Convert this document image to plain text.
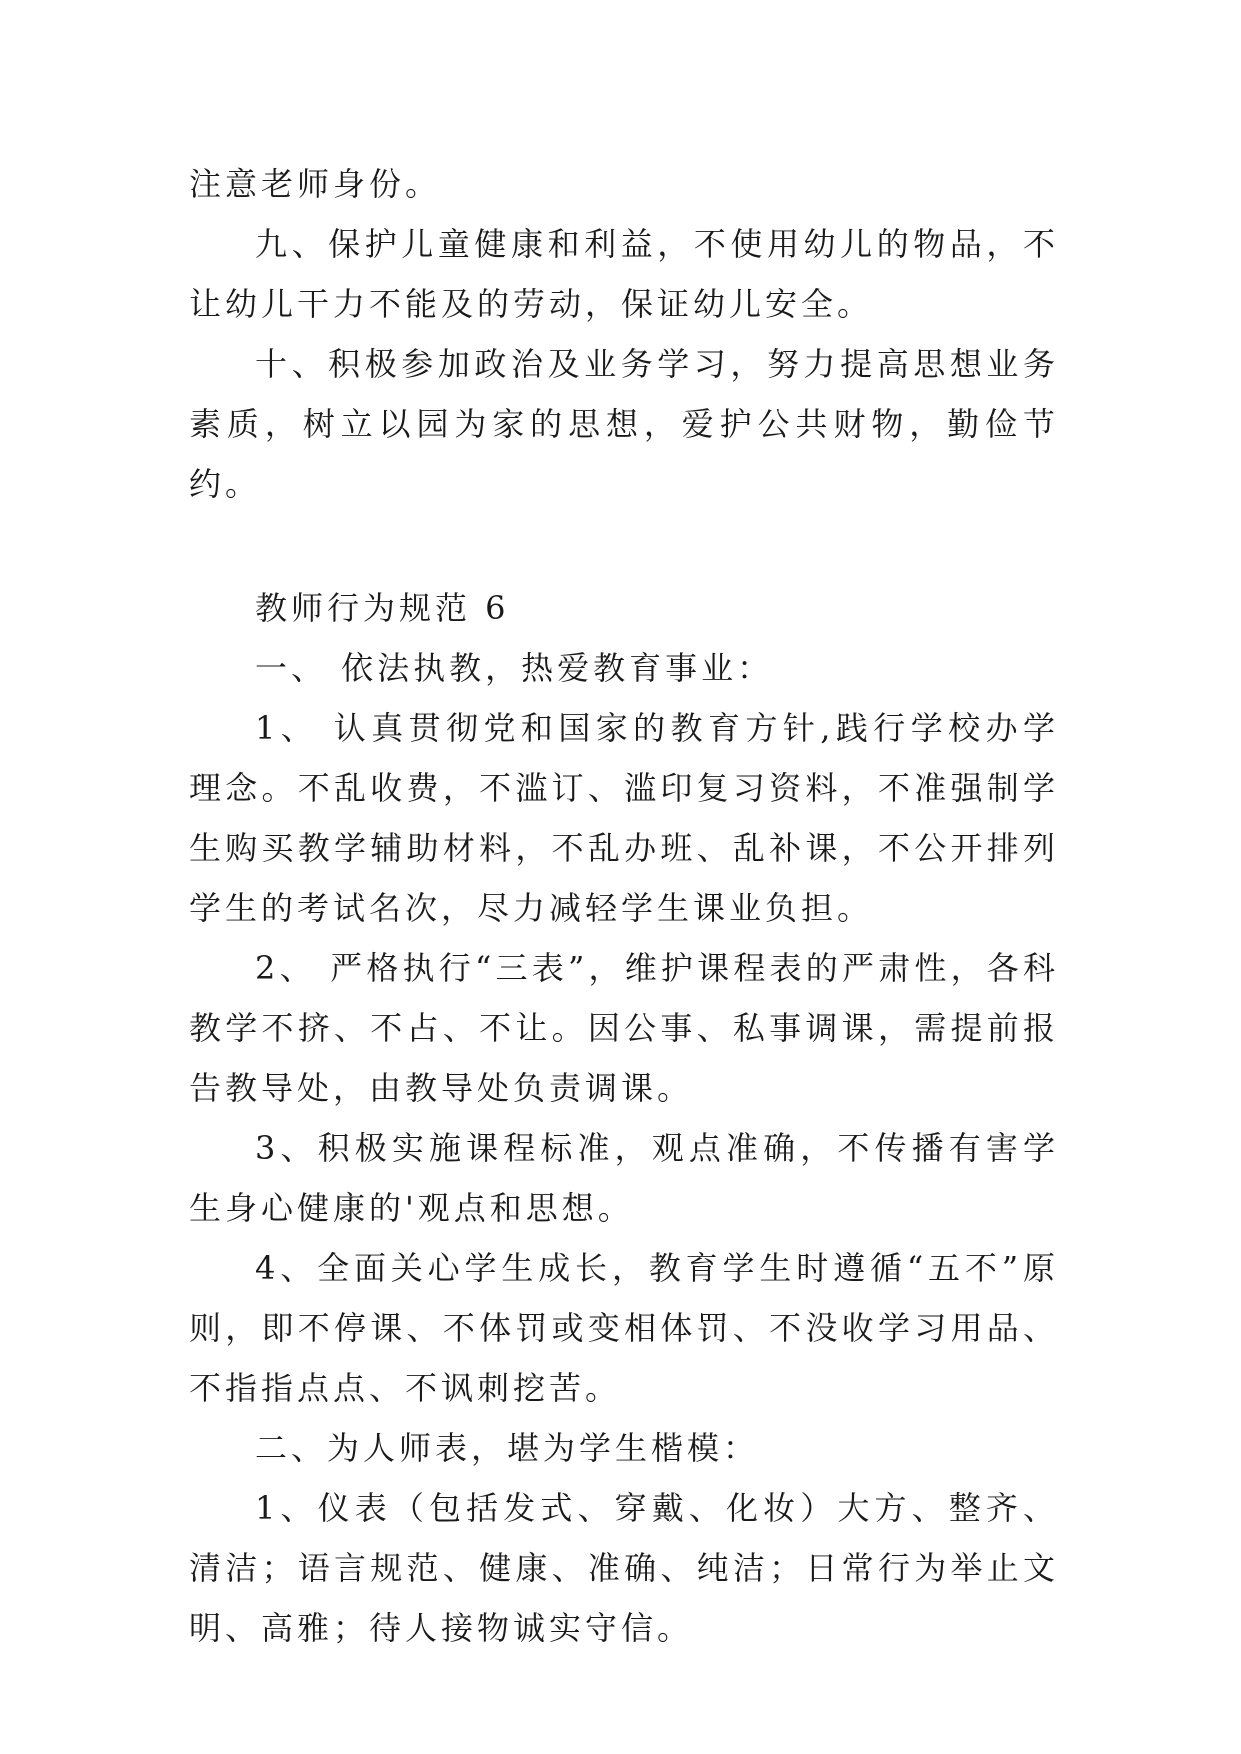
注意老师身份。

九、保护儿童健康和利益，不使用幼儿的物品，不让幼儿干力不能及的劳动，保证幼儿安全。

十、积极参加政治及业务学习，努力提高思想业务素质，树立以园为家的思想，爱护公共财物，勤俭节约。

教师行为规范 6

一、 依法执教，热爱教育事业：

1、 认真贯彻党和国家的教育方针,践行学校办学理念。不乱收费，不滥订、滥印复习资料，不准强制学生购买教学辅助材料，不乱办班、乱补课，不公开排列学生的考试名次，尽力减轻学生课业负担。

2、 严格执行“三表”，维护课程表的严肃性，各科教学不挤、不占、不让。因公事、私事调课，需提前报告教导处，由教导处负责调课。

3、积极实施课程标准，观点准确，不传播有害学生身心健康的'观点和思想。

4、全面关心学生成长，教育学生时遵循“五不”原则，即不停课、不体罚或变相体罚、不没收学习用品、不指指点点、不讽刺挖苦。

二、为人师表，堪为学生楷模：

1、仪表（包括发式、穿戴、化妆）大方、整齐、清洁；语言规范、健康、准确、纯洁；日常行为举止文明、高雅；待人接物诚实守信。
